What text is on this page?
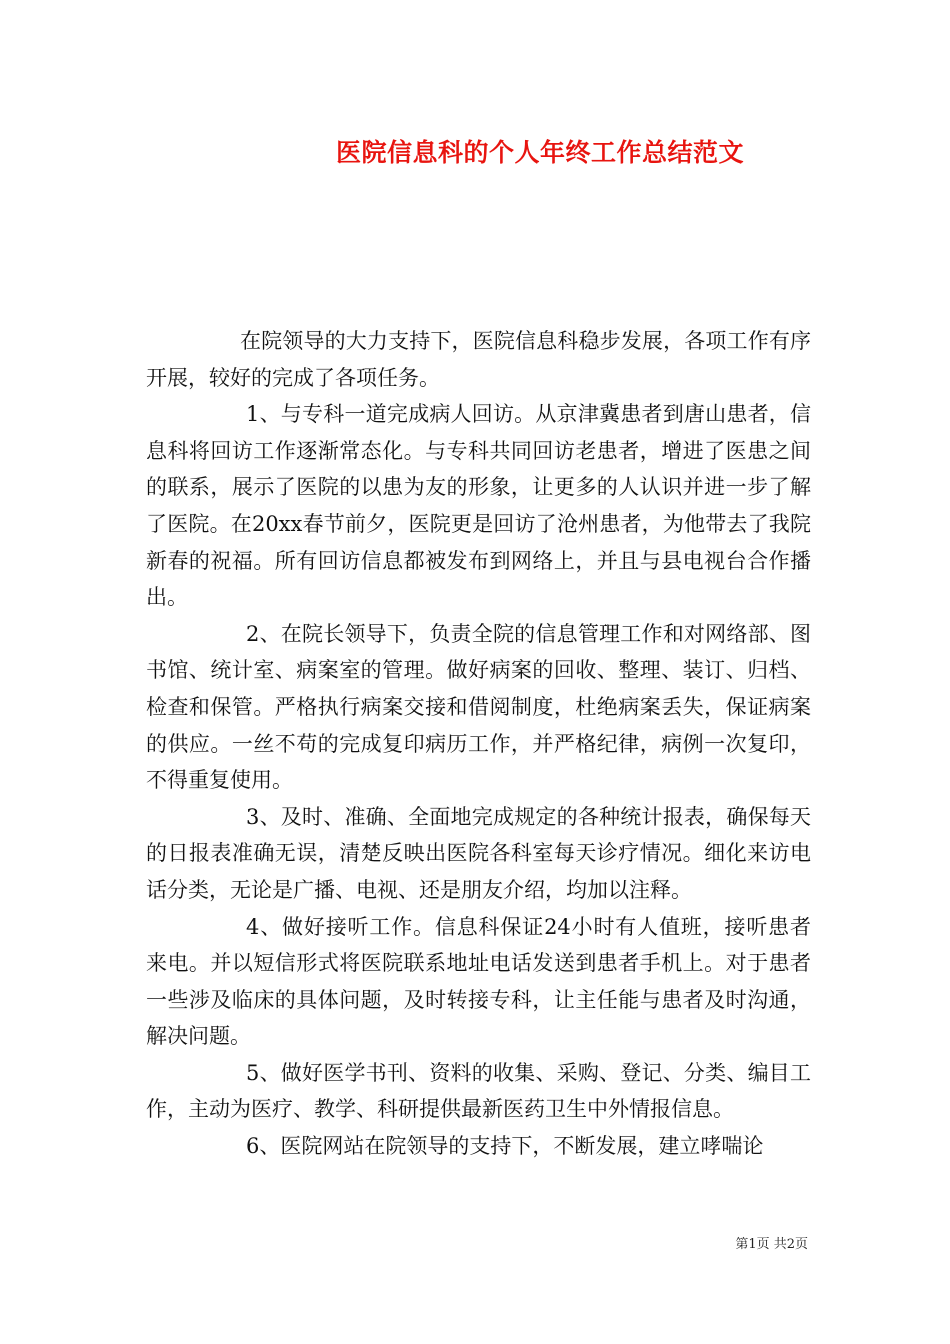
医院信息科的个人年终工作总结范文

在院领导的大力支持下，医院信息科稳步发展，各项工作有序开展，较好的完成了各项任务。

1、与专科一道完成病人回访。从京津冀患者到唐山患者，信息科将回访工作逐渐常态化。与专科共同回访老患者，增进了医患之间的联系，展示了医院的以患为友的形象，让更多的人认识并进一步了解了医院。在20xx春节前夕，医院更是回访了沧州患者，为他带去了我院新春的祝福。所有回访信息都被发布到网络上，并且与县电视台合作播出。

2、在院长领导下，负责全院的信息管理工作和对网络部、图书馆、统计室、病案室的管理。做好病案的回收、整理、装订、归档、检查和保管。严格执行病案交接和借阅制度，杜绝病案丢失，保证病案的供应。一丝不苟的完成复印病历工作，并严格纪律，病例一次复印，不得重复使用。

3、及时、准确、全面地完成规定的各种统计报表，确保每天的日报表准确无误，清楚反映出医院各科室每天诊疗情况。细化来访电话分类，无论是广播、电视、还是朋友介绍，均加以注释。

4、做好接听工作。信息科保证24小时有人值班，接听患者来电。并以短信形式将医院联系地址电话发送到患者手机上。对于患者一些涉及临床的具体问题，及时转接专科，让主任能与患者及时沟通，解决问题。

5、做好医学书刊、资料的收集、采购、登记、分类、编目工作，主动为医疗、教学、科研提供最新医药卫生中外情报信息。

6、医院网站在院领导的支持下，不断发展，建立哮喘论

第1页 共2页
